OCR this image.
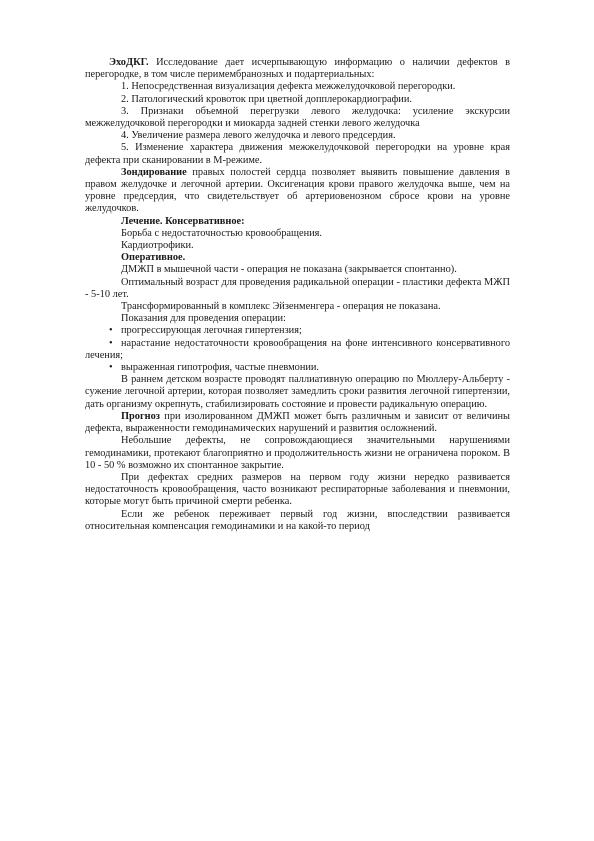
ЭхоДКГ. Исследование дает исчерпывающую информацию о наличии дефектов в перегородке, в том числе перимембранозных и подартериальных:

1. Непосредственная визуализация дефекта межжелудочковой перегородки.

2. Патологический кровоток при цветной допплерокардиографии.

3. Признаки объемной перегрузки левого желудочка: усиление экскурсии межжелудочковой перегородки и миокарда задней стенки левого желудочка

4. Увеличение размера левого желудочка и левого предсердия.

5. Изменение характера движения межжелудочковой перегородки на уровне края дефекта при сканировании в М-режиме.

Зондирование правых полостей сердца позволяет выявить повышение давления в правом желудочке и легочной артерии. Оксигенация крови правого желудочка выше, чем на уровне предсердия, что свидетельствует об артериовенозном сбросе крови на уровне желудочков.

Лечение. Консервативное:

Борьба с недостаточностью кровообращения.

Кардиотрофики.

Оперативное.

ДМЖП в мышечной части - операция не показана (закрывается спонтанно).

Оптимальный возраст для проведения радикальной операции - пластики дефекта МЖП - 5-10 лет.

Трансформированный в комплекс Эйзенменгера - операция не показана.

Показания для проведения операции:

• прогрессирующая легочная гипертензия;

• нарастание недостаточности кровообращения на фоне интенсивного консервативного лечения;

• выраженная гипотрофия, частые пневмонии.

В раннем детском возрасте проводят паллиативную операцию по Мюллеру-Альберту - сужение легочной артерии, которая позволяет замедлить сроки развития легочной гипертензии, дать организму окрепнуть, стабилизировать состояние и провести радикальную операцию.

Прогноз при изолированном ДМЖП может быть различным и зависит от величины дефекта, выраженности гемодинамических нарушений и развития осложнений.

Небольшие дефекты, не сопровождающиеся значительными нарушениями гемодинамики, протекают благоприятно и продолжительность жизни не ограничена пороком. В 10 - 50 % возможно их спонтанное закрытие.

При дефектах средних размеров на первом году жизни нередко развивается недостаточность кровообращения, часто возникают респираторные заболевания и пневмонии, которые могут быть причиной смерти ребенка.

Если же ребенок переживает первый год жизни, впоследствии развивается относительная компенсация гемодинамики и на какой-то период
